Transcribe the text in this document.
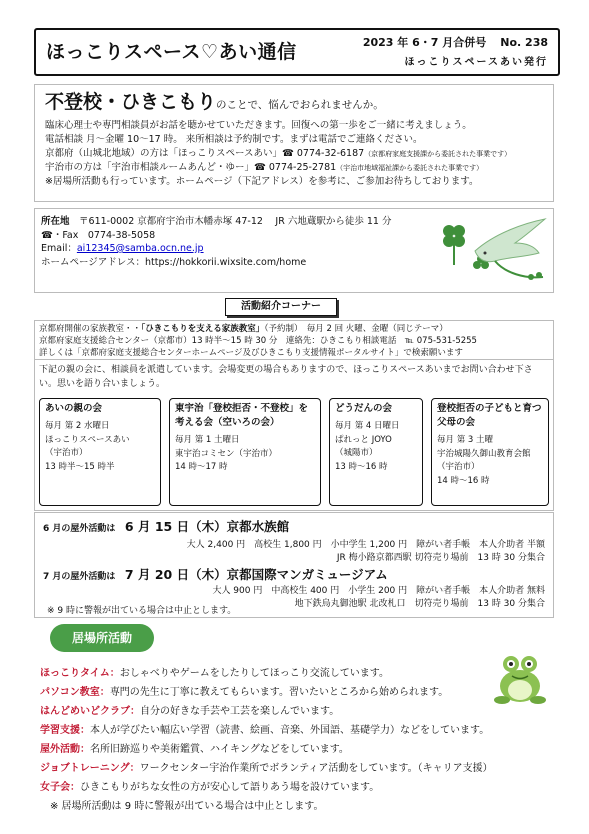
ほっこりスペース♡あい通信	2023 年 6・7 月合併号 No. 238
ほっこりスペースあい発行
不登校・ひきこもりのことで、悩んでおられませんか。
臨床心理士や専門相談員がお話を聴かせていただきます。回復への第一歩をご一緒に考えましょう。
電話相談 月～金曜 10～17 時。 来所相談は予約制です。まずは電話でご連絡ください。
京都府（山城北地域）の方は「ほっこりスペースあい」☎ 0774-32-6187（京都府家庭支援課から委託された事業です）
宇治市の方は「宇治市相談ルームあんど・ゆー」☎ 0774-25-2781（宇治市地域福祉課から委託された事業です）
※居場所活動も行っています。ホームページ（下記アドレス）を参考に、ご参加お待ちしております。
所在地　 〒611-0002 京都府宇治市木幡赤塚 47-12　 JR 六地蔵駅から徒歩 11 分
☎・Fax　0774-38-5058
Email：ai12345@samba.ocn.ne.jp
ホームページアドレス：https://hokkorii.wixsite.com/home
活動紹介コーナー
京都府開催の家族教室・・「ひきこもりを支える家族教室」（予約制）　毎月 2 回 火曜、金曜（同じテーマ）
京都府家庭支援総合センター（京都市）13 時半～15 時 30 分　連絡先：ひきこもり相談電話　℡ 075-531-5255
詳しくは「京都府家庭支援総合センターホームページ及びひきこもり支援情報ポータルサイト」で検索願います
下記の親の会に、相談員を派遣しています。会場変更の場合もありますので、ほっこりスペースあいまでお問い合わせ下さい。思いを語り合いましょう。
あいの親の会
毎月 第 2 水曜日
ほっこりスペースあい
（宇治市）
13 時半～15 時半
東宇治「登校拒否・不登校」を考える会（空いろの会）
毎月 第 1 土曜日
東宇治コミセン（宇治市）
14 時～17 時
どうだんの会
毎月 第 4 日曜日
ぱれっと JOYO
（城陽市）
13 時～16 時
登校拒否の子どもと育つ父母の会
毎月 第 3 土曜
宇治城陽久御山教育会館
（宇治市）
14 時～16 時
6 月の屋外活動は　 6 月 15 日（木）京都水族館
大人 2,400 円　高校生 1,800 円　小中学生 1,200 円　障がい者手帳　本人介助者 半額
JR 梅小路京都西駅 切符売り場前　13 時 30 分集合
7 月の屋外活動は　 7 月 20 日（木）京都国際マンガミュージアム
大人 900 円　中高校生 400 円　小学生 200 円　障がい者手帳　本人介助者 無料
地下鉄烏丸御池駅 北改札口　切符売り場前　13 時 30 分集合
※ 9 時に警報が出ている場合は中止とします。
居場所活動
ほっこりタイム：おしゃべりやゲームをしたりしてほっこり交流しています。
パソコン教室：専門の先生に丁寧に教えてもらいます。習いたいところから始められます。
はんどめいどクラブ：自分の好きな手芸や工芸を楽しんでいます。
学習支援：本人が学びたい幅広い学習（読書、絵画、音楽、外国語、基礎学力）などをしています。
屋外活動：名所旧跡巡りや美術鑑賞、ハイキングなどをしています。
ジョブトレーニング：ワークセンター宇治作業所でボランティア活動をしています。（キャリア支援）
女子会：ひきこもりがちな女性の方が安心して語りあう場を設けています。
※ 居場所活動は 9 時に警報が出ている場合は中止とします。
